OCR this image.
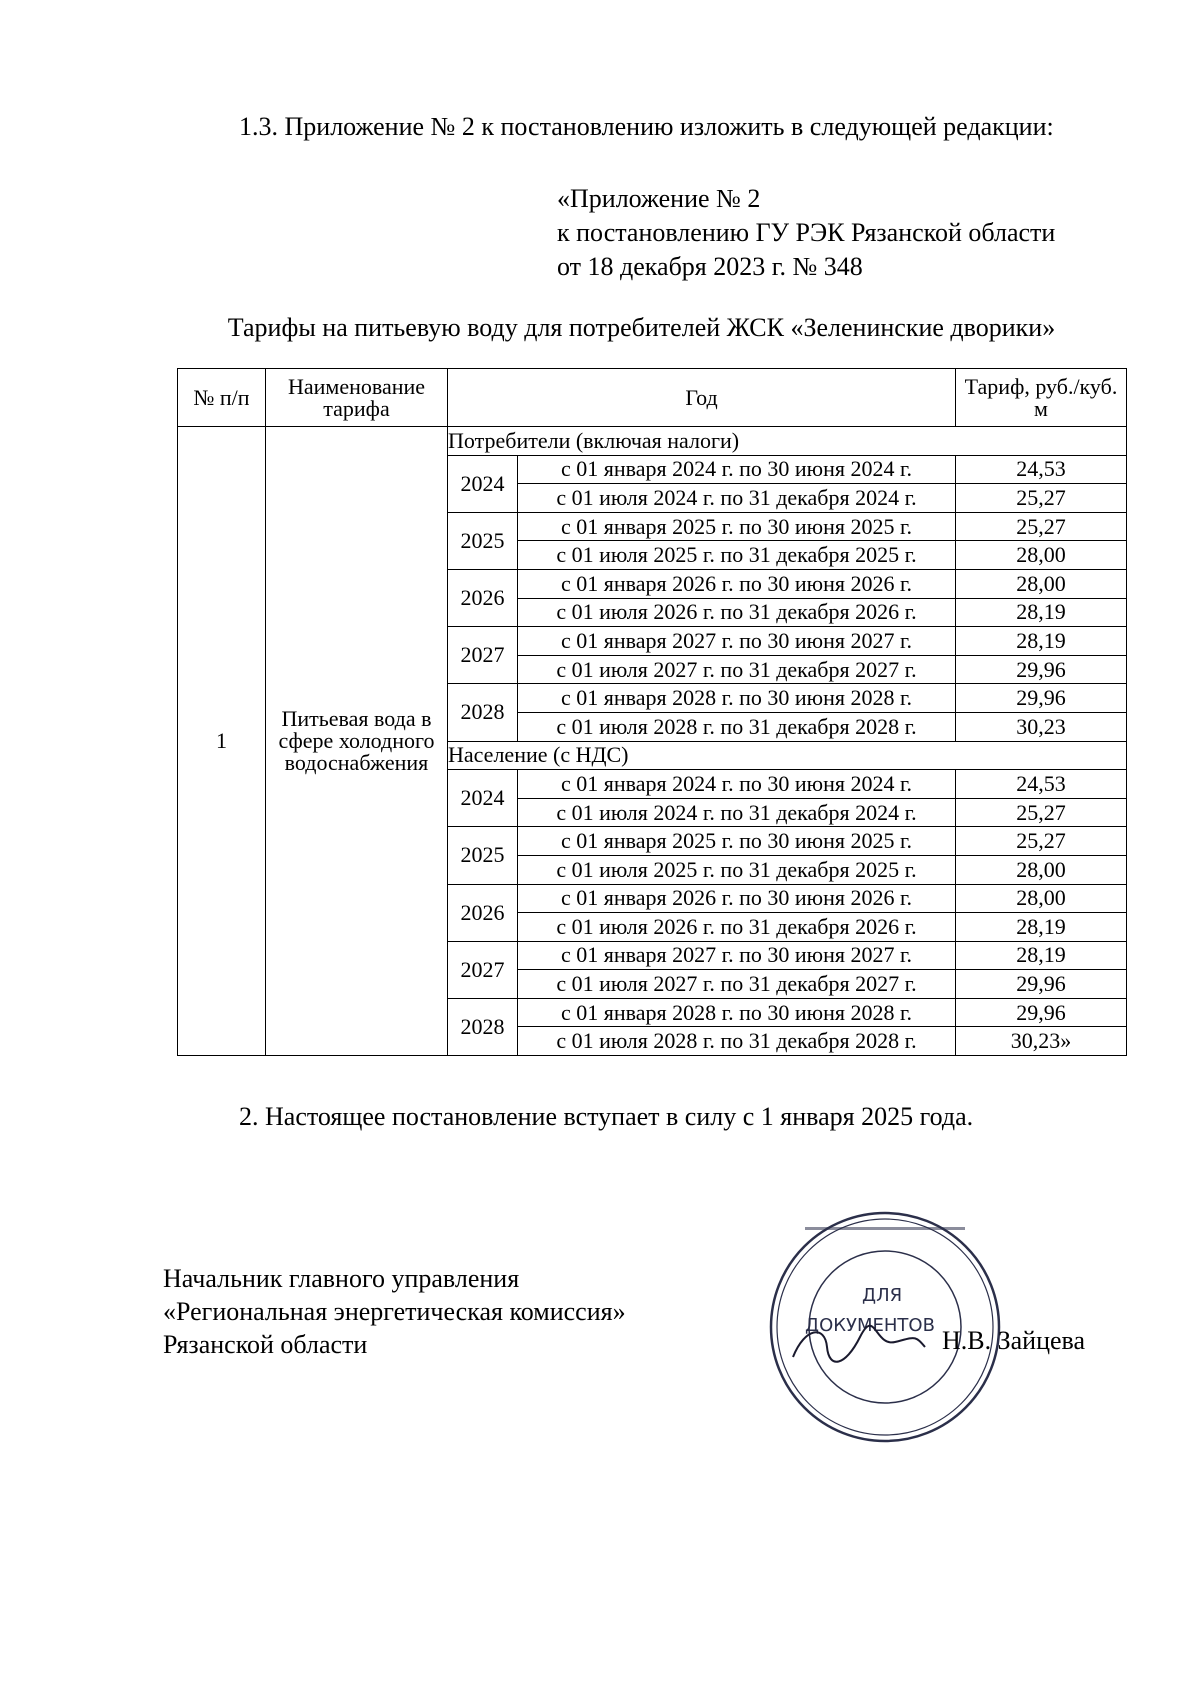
1.3. Приложение № 2 к постановлению изложить в следующей редакции:
«Приложение № 2
к постановлению ГУ РЭК Рязанской области
от 18 декабря 2023 г. № 348
Тарифы на питьевую воду для потребителей ЖСК «Зеленинские дворики»
№ п/п	Наименование тарифа	Год		Тариф, руб./куб. м
1	Питьевая вода в сфере холодного водоснабжения	Потребители (включая налоги)		
		2024	с 01 января 2024 г. по 30 июня 2024 г.	24,53
			с 01 июля 2024 г. по 31 декабря 2024 г.	25,27
		2025	с 01 января 2025 г. по 30 июня 2025 г.	25,27
			с 01 июля 2025 г. по 31 декабря 2025 г.	28,00
		2026	с 01 января 2026 г. по 30 июня 2026 г.	28,00
			с 01 июля 2026 г. по 31 декабря 2026 г.	28,19
		2027	с 01 января 2027 г. по 30 июня 2027 г.	28,19
			с 01 июля 2027 г. по 31 декабря 2027 г.	29,96
		2028	с 01 января 2028 г. по 30 июня 2028 г.	29,96
			с 01 июля 2028 г. по 31 декабря 2028 г.	30,23
		Население (с НДС)		
		2024	с 01 января 2024 г. по 30 июня 2024 г.	24,53
			с 01 июля 2024 г. по 31 декабря 2024 г.	25,27
		2025	с 01 января 2025 г. по 30 июня 2025 г.	25,27
			с 01 июля 2025 г. по 31 декабря 2025 г.	28,00
		2026	с 01 января 2026 г. по 30 июня 2026 г.	28,00
			с 01 июля 2026 г. по 31 декабря 2026 г.	28,19
		2027	с 01 января 2027 г. по 30 июня 2027 г.	28,19
			с 01 июля 2027 г. по 31 декабря 2027 г.	29,96
		2028	с 01 января 2028 г. по 30 июня 2028 г.	29,96
			с 01 июля 2028 г. по 31 декабря 2028 г.	30,23»
2. Настоящее постановление вступает в силу с 1 января 2025 года.
Начальник главного управления
«Региональная энергетическая комиссия»
Рязанской области
ДЛЯ
ДОКУМЕНТОВ
Н.В. Зайцева
